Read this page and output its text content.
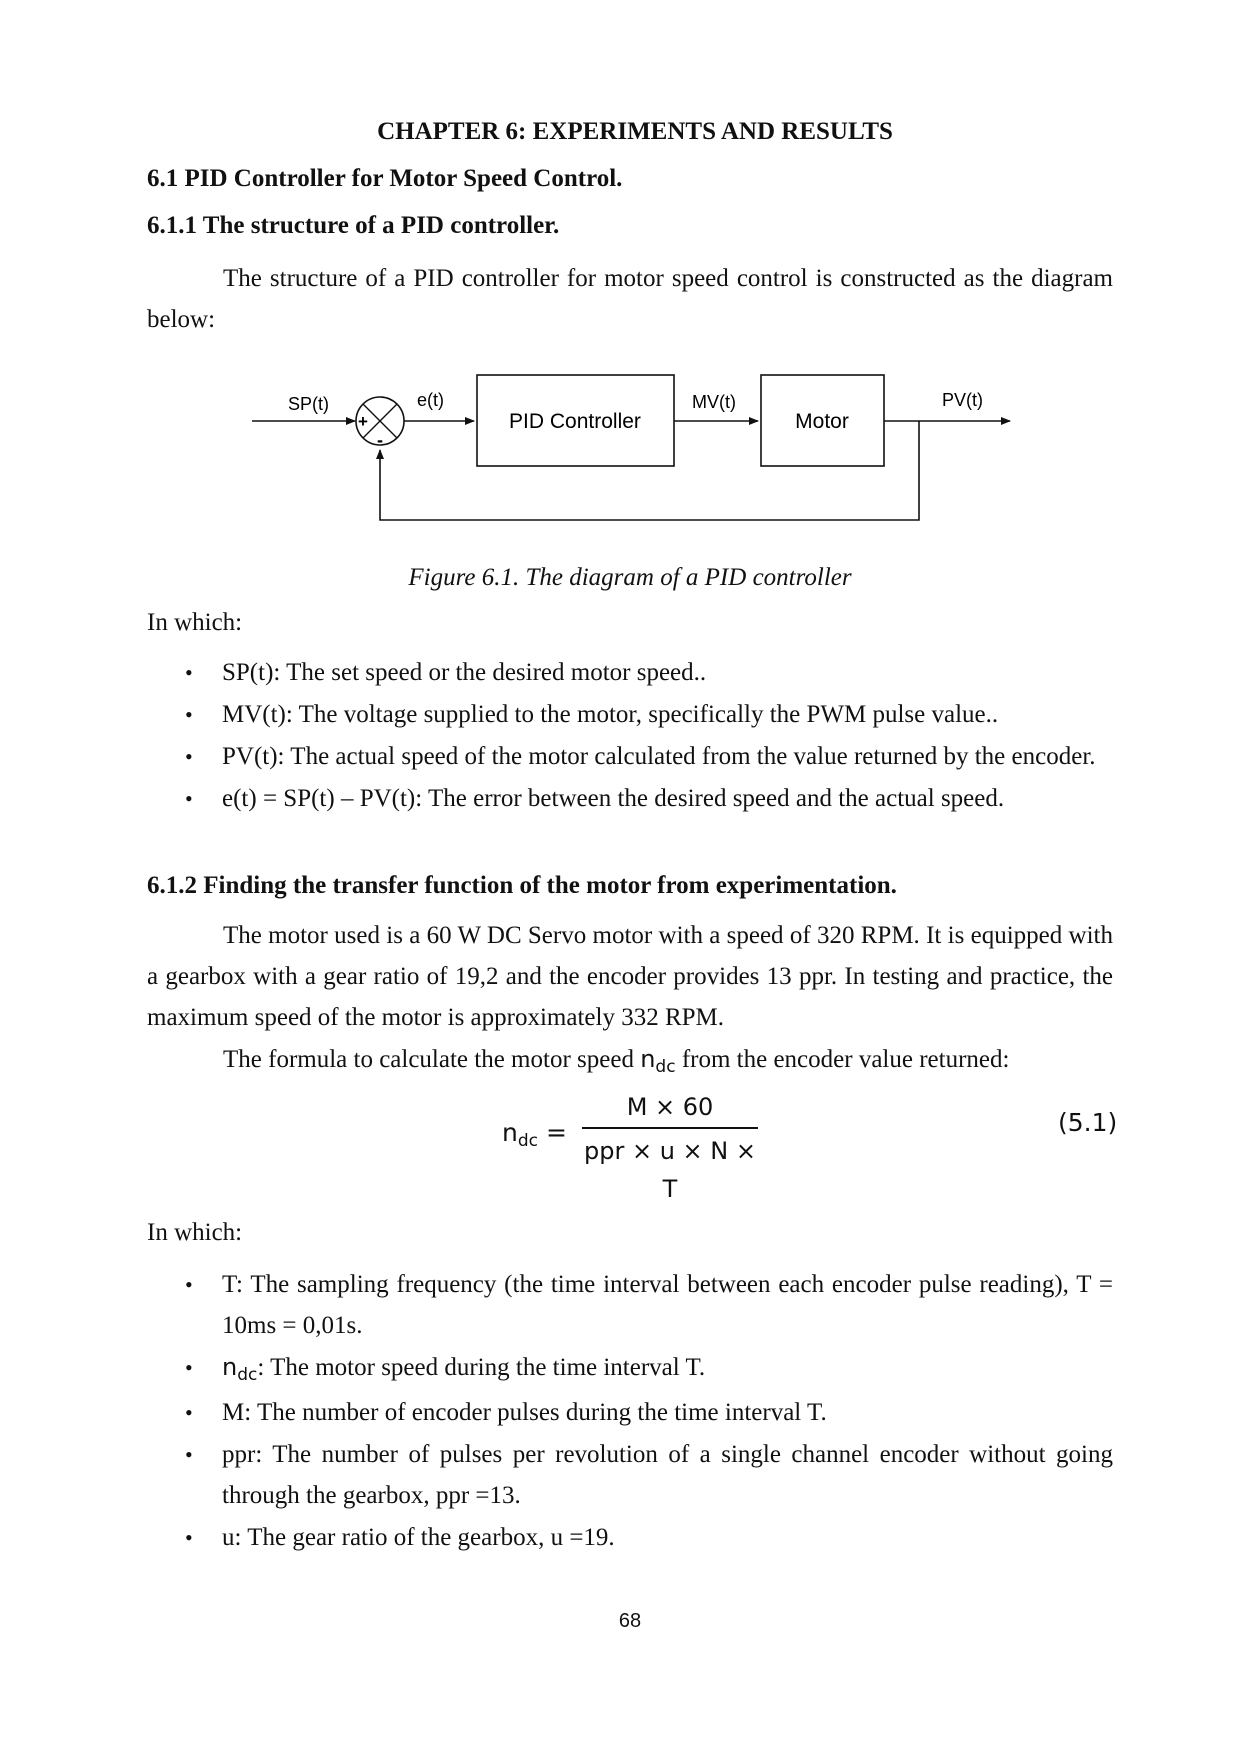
CHAPTER 6: EXPERIMENTS AND RESULTS
6.1 PID Controller for Motor Speed Control.
6.1.1 The structure of a PID controller.
The structure of a PID controller for motor speed control is constructed as the diagram below:
SP(t)
+
-
e(t)
PID Controller
MV(t)
Motor
PV(t)
Figure 6.1. The diagram of a PID controller
In which:
• SP(t): The set speed or the desired motor speed..
• MV(t): The voltage supplied to the motor, specifically the PWM pulse value..
• PV(t): The actual speed of the motor calculated from the value returned by the encoder.
• e(t) = SP(t) – PV(t): The error between the desired speed and the actual speed.
6.1.2 Finding the transfer function of the motor from experimentation.
The motor used is a 60 W DC Servo motor with a speed of 320 RPM. It is equipped with a gearbox with a gear ratio of 19,2 and the encoder provides 13 ppr. In testing and practice, the maximum speed of the motor is approximately 332 RPM.
The formula to calculate the motor speed $n_{dc}$ from the encoder value returned:
$n_{dc}$ =
M × 60
ppr × u × N × T
(5.1)
In which:
• T: The sampling frequency (the time interval between each encoder pulse reading), T = 10ms = 0,01s.
• $n_{dc}$: The motor speed during the time interval T.
• M: The number of encoder pulses during the time interval T.
• ppr: The number of pulses per revolution of a single channel encoder without going through the gearbox, ppr =13.
• u: The gear ratio of the gearbox, u =19.
68
